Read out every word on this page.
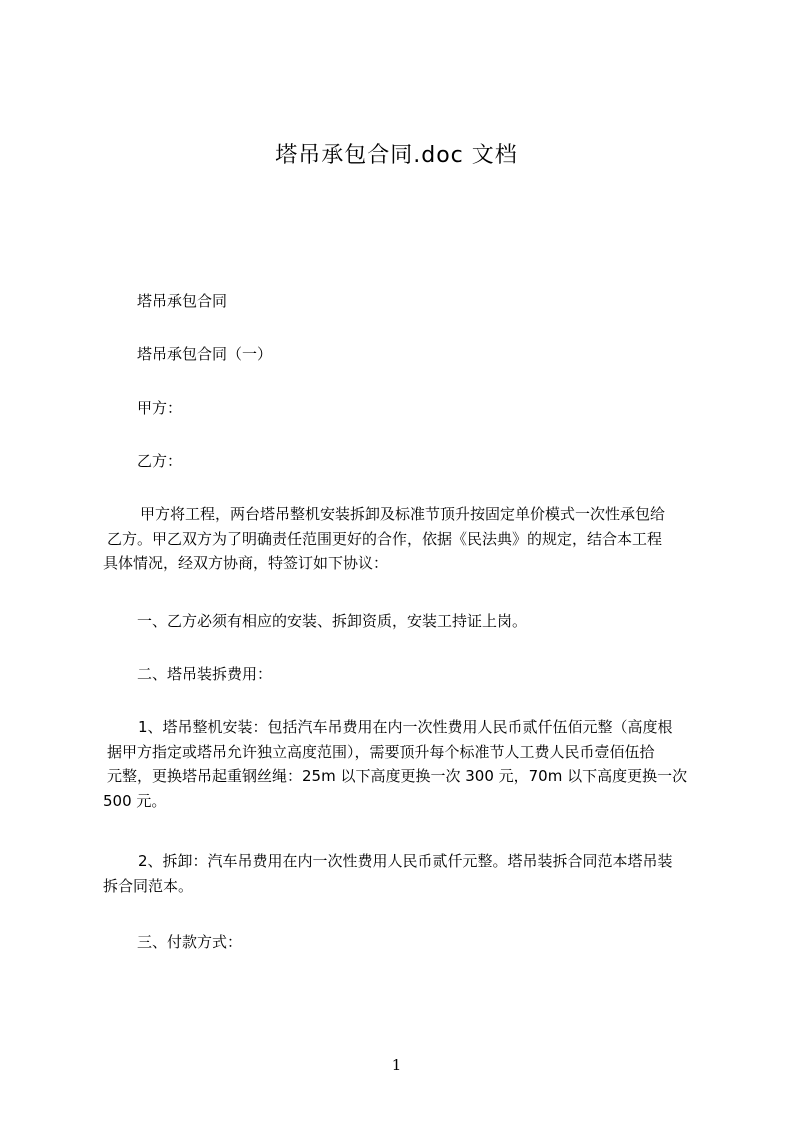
塔吊承包合同.doc 文档
塔吊承包合同
塔吊承包合同（一）
甲方：
乙方：
甲方将工程，两台塔吊整机安装拆卸及标准节顶升按固定单价模式一次性承包给
乙方。甲乙双方为了明确责任范围更好的合作，依据《民法典》的规定，结合本工程
具体情况，经双方协商，特签订如下协议：
一、乙方必须有相应的安装、拆卸资质，安装工持证上岗。
二、塔吊装拆费用：
1、塔吊整机安装：包括汽车吊费用在内一次性费用人民币贰仟伍佰元整（高度根
据甲方指定或塔吊允许独立高度范围），需要顶升每个标准节人工费人民币壹佰伍拾
元整，更换塔吊起重钢丝绳：25m 以下高度更换一次 300 元，70m 以下高度更换一次
500 元。
2、拆卸：汽车吊费用在内一次性费用人民币贰仟元整。塔吊装拆合同范本塔吊装
拆合同范本。
三、付款方式：
1
